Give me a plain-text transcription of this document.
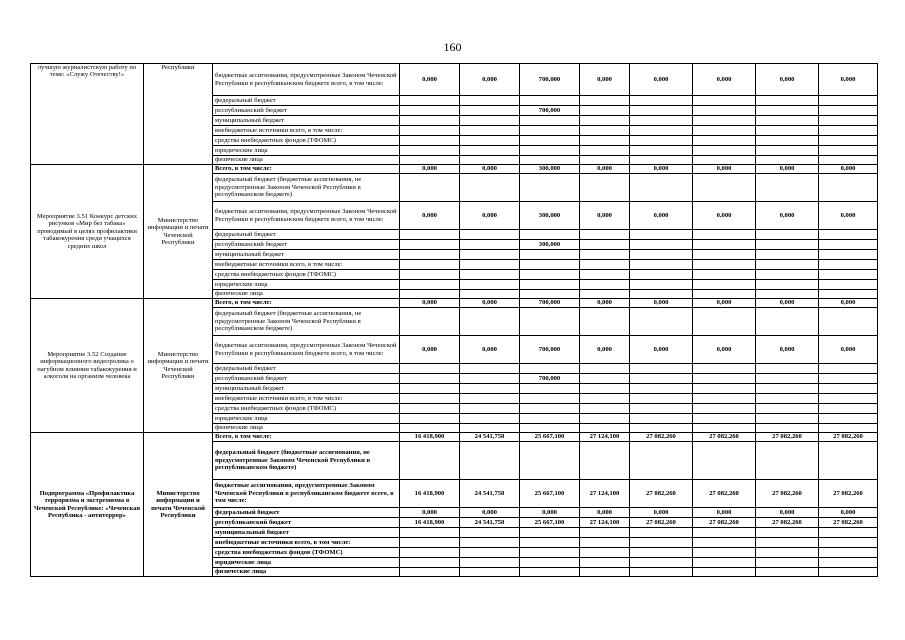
160
лучшую журналистскую работу по теме: «Служу Отечеству!»	Республики	бюджетные ассигнования, предусмотренные Законом Чеченской Республики в республиканском бюджете всего, в том числе:	0,000	0,000	700,000	0,000	0,000	0,000	0,000	0,000
		федеральный бюджет								
		республиканский бюджет			700,000					
		муниципальный бюджет								
		внебюджетные источники всего, в том числе:								
		средства внебюджетных фондов (ТФОМС)								
		юридические лица								
		физические лица								
Мероприятие 3.51 Конкурс детских рисунков «Мир без табака» проводимый в целях профилактики табакокурения среди учащихся средних школ	Министерство информации и печати Чеченской Республики	Всего, в том числе:	0,000	0,000	300,000	0,000	0,000	0,000	0,000	0,000
		федеральный бюджет (бюджетные ассигнования, не предусмотренные Законом Чеченской Республики в республиканском бюджете)								
		бюджетные ассигнования, предусмотренные Законом Чеченской Республики в республиканском бюджете всего, в том числе:	0,000	0,000	300,000	0,000	0,000	0,000	0,000	0,000
		федеральный бюджет								
		республиканский бюджет			300,000					
		муниципальный бюджет								
		внебюджетные источники всего, в том числе:								
		средства внебюджетных фондов (ТФОМС)								
		юридические лица								
		физические лица								
Мероприятие 3.52 Создание информационного видеоролика о пагубном влиянии табакокурения и алкоголя на организм человека	Министерство информации и печати Чеченской Республики	Всего, в том числе:	0,000	0,000	700,000	0,000	0,000	0,000	0,000	0,000
		федеральный бюджет (бюджетные ассигнования, не предусмотренные Законом Чеченской Республики в республиканском бюджете)								
		бюджетные ассигнования, предусмотренные Законом Чеченской Республики в республиканском бюджете всего, в том числе:	0,000	0,000	700,000	0,000	0,000	0,000	0,000	0,000
		федеральный бюджет								
		республиканский бюджет			700,000					
		муниципальный бюджет								
		внебюджетные источники всего, в том числе:								
		средства внебюджетных фондов (ТФОМС)								
		юридические лица								
		физические лица								
Подпрограмма «Профилактика терроризма и экстремизма в Чеченской Республике: «Чеченская Республика - антитеррор»	Министерство информации и печати Чеченской Республики	Всего, в том числе:	16 418,900	24 541,758	25 667,100	27 124,100	27 082,260	27 082,260	27 082,260	27 082,260
		федеральный бюджет (бюджетные ассигнования, не предусмотренные Законом Чеченской Республики в республиканском бюджете)								
		бюджетные ассигнования, предусмотренные Законом Чеченской Республики в республиканском бюджете всего, в том числе:	16 418,900	24 541,758	25 667,100	27 124,100	27 082,260	27 082,260	27 082,260	27 082,260
		федеральный бюджет	0,000	0,000	0,000	0,000	0,000	0,000	0,000	0,000
		республиканский бюджет	16 418,900	24 541,758	25 667,100	27 124,100	27 082,260	27 082,260	27 082,260	27 082,260
		муниципальный бюджет								
		внебюджетные источники всего, в том числе:								
		средства внебюджетных фондов (ТФОМС)								
		юридические лица								
		физические лица								
